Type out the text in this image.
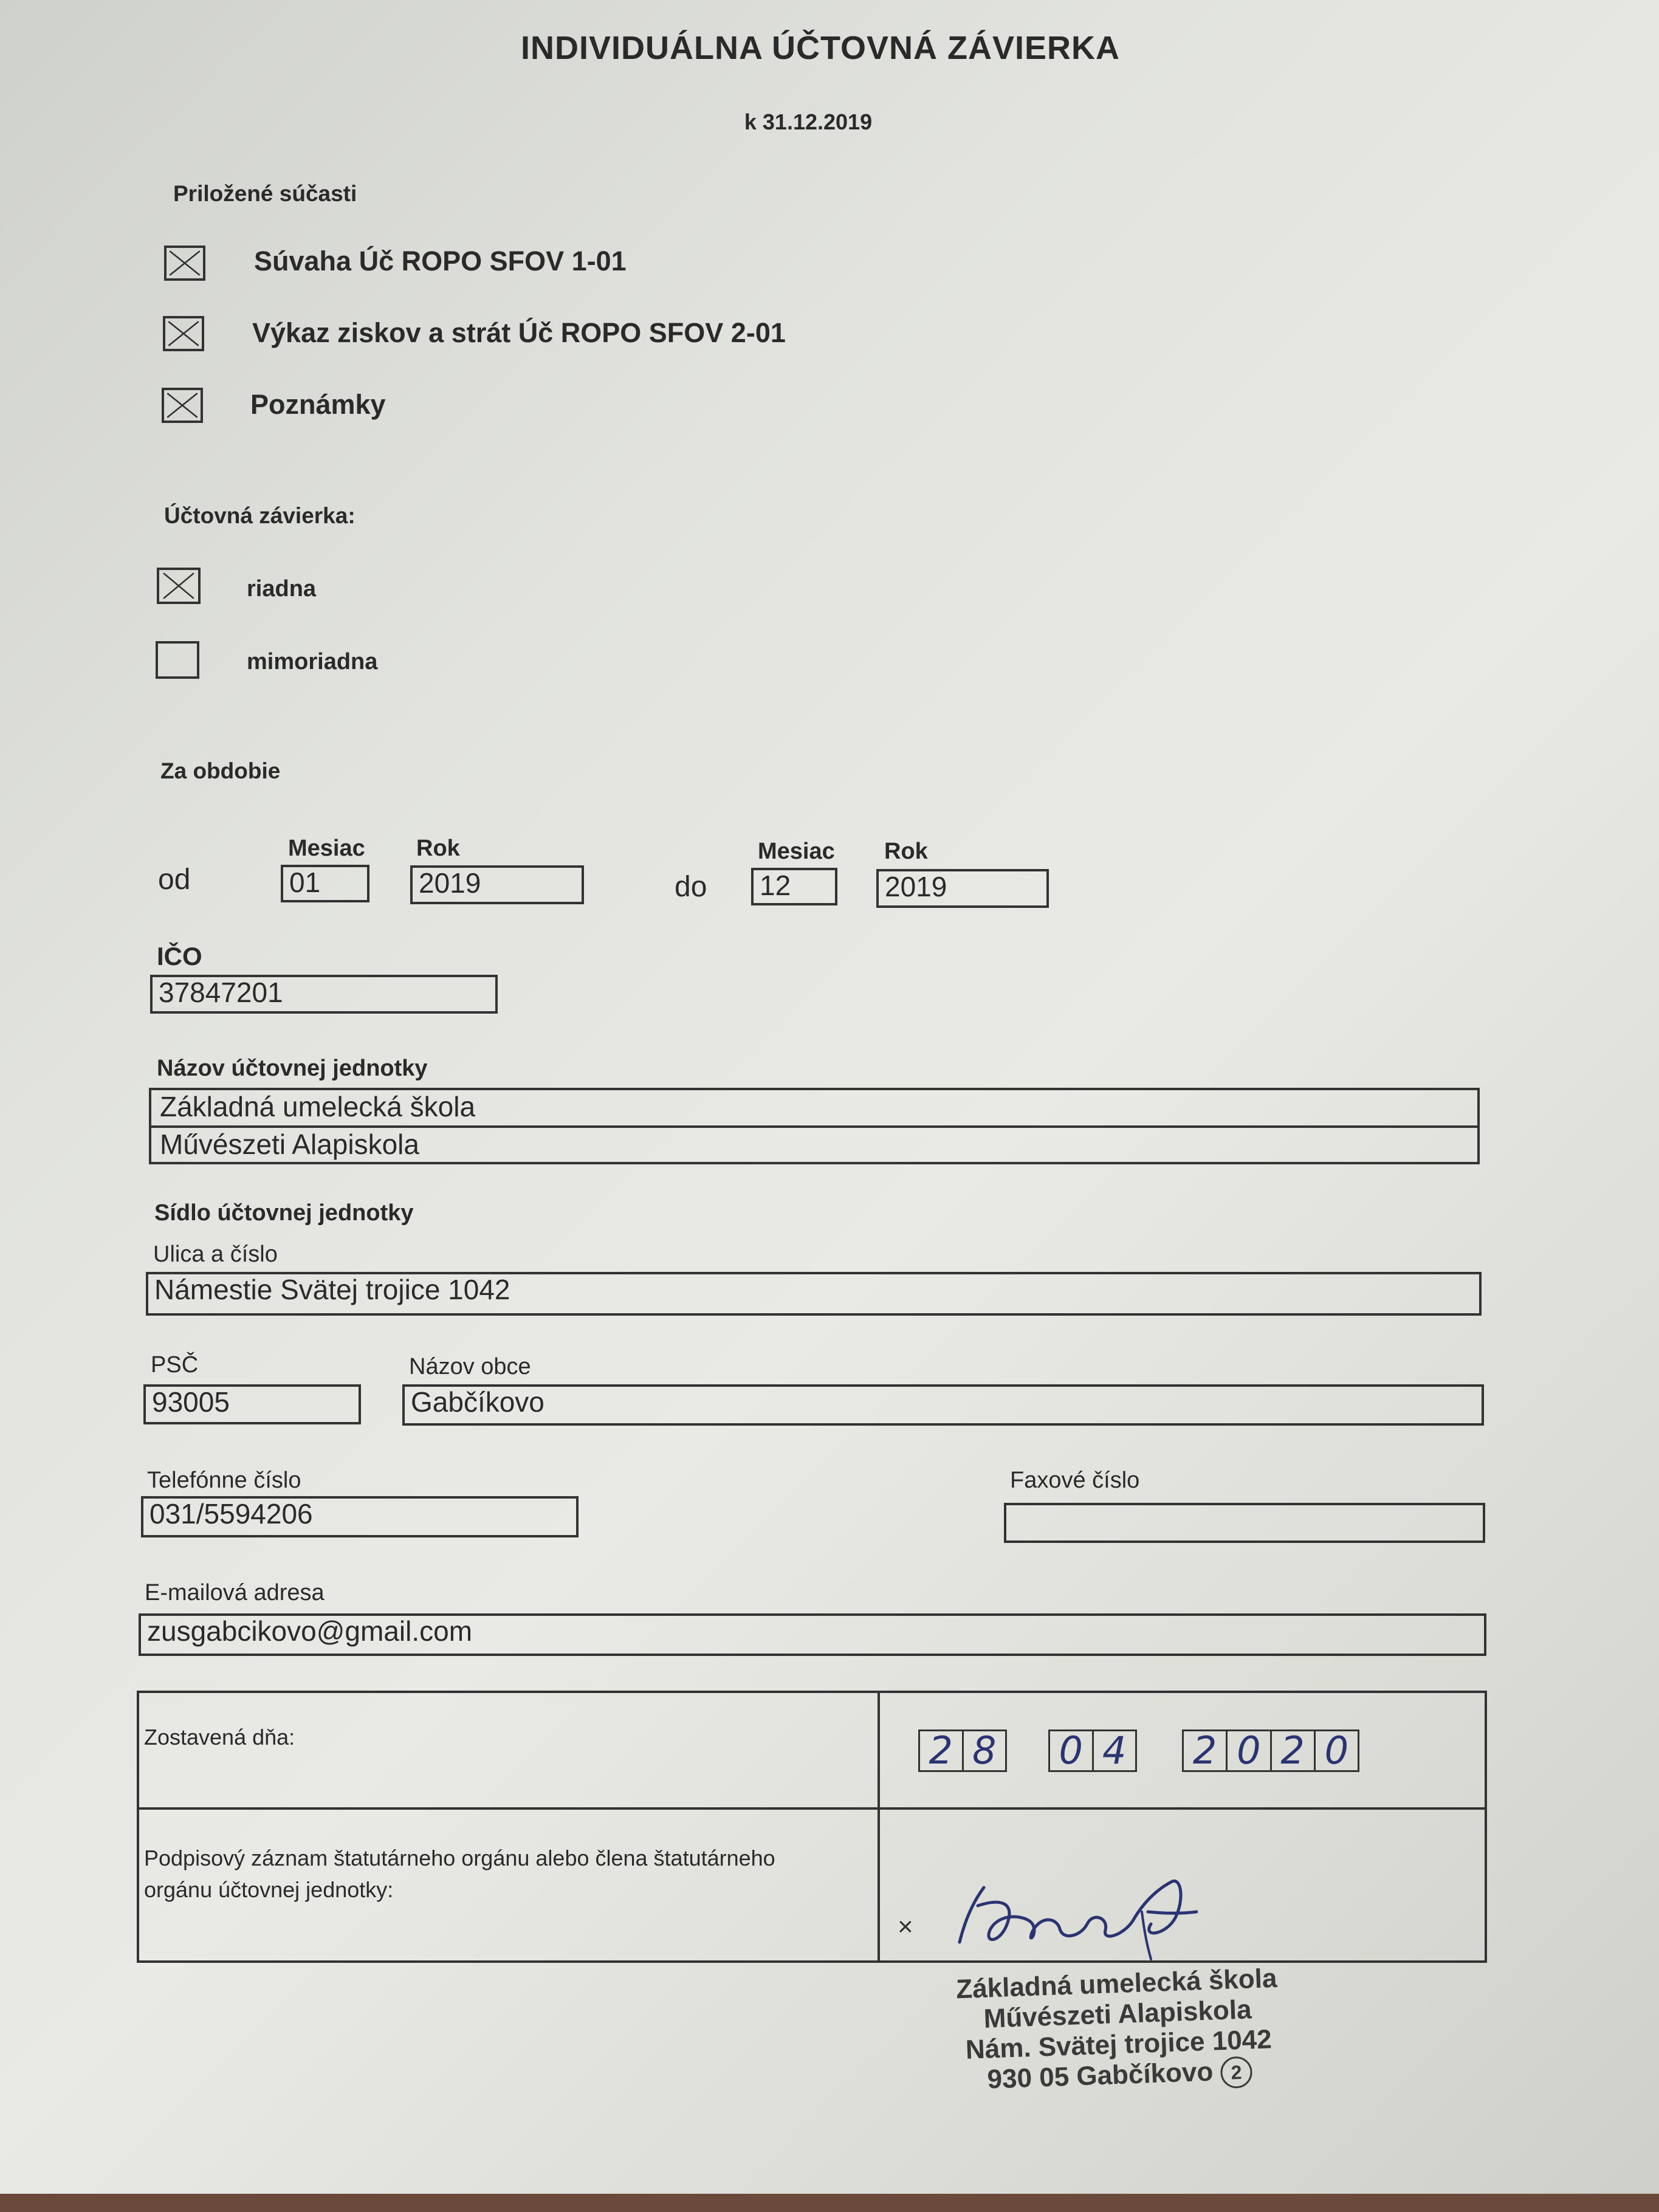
INDIVIDUÁLNA ÚČTOVNÁ ZÁVIERKA
k 31.12.2019
Priložené súčasti
Súvaha Úč ROPO SFOV 1-01
Výkaz ziskov a strát Úč ROPO SFOV 2-01
Poznámky
Účtovná závierka:
riadna
mimoriadna
Za obdobie
Mesiac Rok
od	01	2019
Mesiac Rok
do	12	2019
IČO
37847201
Názov účtovnej jednotky
Základná umelecká škola
Művészeti Alapiskola
Sídlo účtovnej jednotky
Ulica a číslo
Námestie Svätej trojice 1042
PSČ
93005
Názov obce
Gabčíkovo
Telefónne číslo
031/5594206
Faxové číslo
E-mailová adresa
zusgabcikovo@gmail.com
Zostavená dňa:
Podpisový záznam štatutárneho orgánu alebo člena štatutárneho
orgánu účtovnej jednotky:
2 8 0 4 2 0 2 0
×
Základná umelecká škola
Művészeti Alapiskola
Nám. Svätej trojice 1042
930 05 Gabčíkovo 2
